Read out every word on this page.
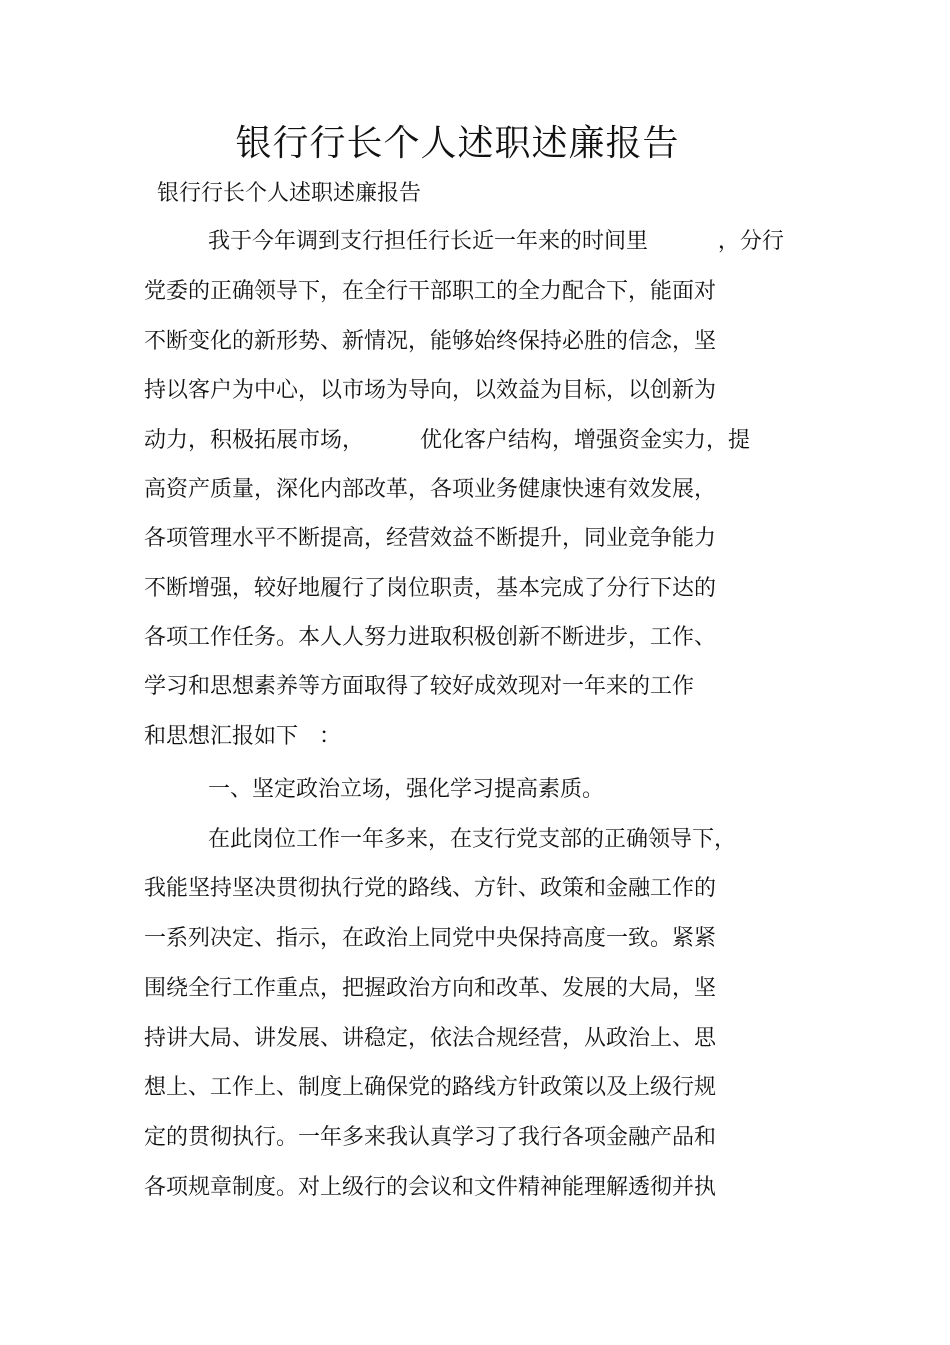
银行行长个人述职述廉报告
银行行长个人述职述廉报告
我于今年调到支行担任行长近一年来的时间里          ，分行
党委的正确领导下，在全行干部职工的全力配合下，能面对
不断变化的新形势、新情况，能够始终保持必胜的信念，坚
持以客户为中心，以市场为导向，以效益为目标，以创新为
动力，积极拓展市场，        优化客户结构，增强资金实力，提
高资产质量，深化内部改革，各项业务健康快速有效发展，
各项管理水平不断提高，经营效益不断提升，同业竞争能力
不断增强，较好地履行了岗位职责，基本完成了分行下达的
各项工作任务。本人人努力进取积极创新不断进步，工作、
学习和思想素养等方面取得了较好成效现对一年来的工作
和思想汇报如下   ：
一、坚定政治立场，强化学习提高素质。
在此岗位工作一年多来，在支行党支部的正确领导下，
我能坚持坚决贯彻执行党的路线、方针、政策和金融工作的
一系列决定、指示，在政治上同党中央保持高度一致。紧紧
围绕全行工作重点，把握政治方向和改革、发展的大局，坚
持讲大局、讲发展、讲稳定，依法合规经营，从政治上、思
想上、工作上、制度上确保党的路线方针政策以及上级行规
定的贯彻执行。一年多来我认真学习了我行各项金融产品和
各项规章制度。对上级行的会议和文件精神能理解透彻并执
